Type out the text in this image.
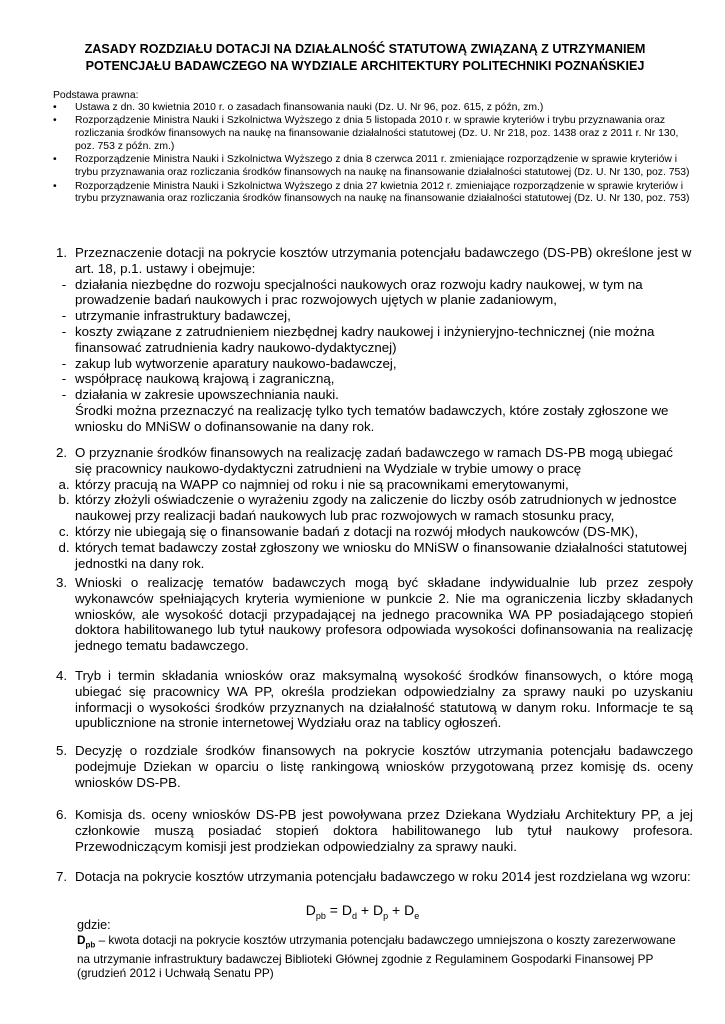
ZASADY ROZDZIAŁU DOTACJI NA DZIAŁALNOŚĆ STATUTOWĄ ZWIĄZANĄ Z UTRZYMANIEM POTENCJAŁU BADAWCZEGO NA WYDZIALE ARCHITEKTURY POLITECHNIKI POZNAŃSKIEJ
Podstawa prawna:
• Ustawa z dn. 30 kwietnia 2010 r. o zasadach finansowania nauki (Dz. U. Nr 96, poz. 615, z późn, zm.)
• Rozporządzenie Ministra Nauki i Szkolnictwa Wyższego z dnia 5 listopada 2010 r. w sprawie kryteriów i trybu przyznawania oraz rozliczania środków finansowych na naukę na finansowanie działalności statutowej (Dz. U. Nr 218, poz. 1438 oraz z 2011 r. Nr 130, poz. 753 z późn. zm.)
• Rozporządzenie Ministra Nauki i Szkolnictwa Wyższego z dnia 8 czerwca 2011 r. zmieniające rozporządzenie w sprawie kryteriów i trybu przyznawania oraz rozliczania środków finansowych na naukę na finansowanie działalności statutowej (Dz. U. Nr 130, poz. 753)
• Rozporządzenie Ministra Nauki i Szkolnictwa Wyższego z dnia 27 kwietnia 2012 r. zmieniające rozporządzenie w sprawie kryteriów i trybu przyznawania oraz rozliczania środków finansowych na naukę na finansowanie działalności statutowej (Dz. U. Nr 130, poz. 753)
1. Przeznaczenie dotacji na pokrycie kosztów utrzymania potencjału badawczego (DS-PB) określone jest w art. 18, p.1. ustawy i obejmuje:
- działania niezbędne do rozwoju specjalności naukowych oraz rozwoju kadry naukowej, w tym na prowadzenie badań naukowych i prac rozwojowych ujętych w planie zadaniowym,
- utrzymanie infrastruktury badawczej,
- koszty związane z zatrudnieniem niezbędnej kadry naukowej i inżynieryjno-technicznej (nie można finansować zatrudnienia kadry naukowo-dydaktycznej)
- zakup lub wytworzenie aparatury naukowo-badawczej,
- współpracę naukową krajową i zagraniczną,
- działania w zakresie upowszechniania nauki.
Środki można przeznaczyć na realizację tylko tych tematów badawczych, które zostały zgłoszone we wniosku do MNiSW o dofinansowanie na dany rok.
2. O przyznanie środków finansowych na realizację zadań badawczego w ramach DS-PB mogą ubiegać się pracownicy naukowo-dydaktyczni zatrudnieni na Wydziale w trybie umowy o pracę
a. którzy pracują na WAPP co najmniej od roku i nie są pracownikami emerytowanymi,
b. którzy złożyli oświadczenie o wyrażeniu zgody na zaliczenie do liczby osób zatrudnionych w jednostce naukowej przy realizacji badań naukowych lub prac rozwojowych w ramach stosunku pracy,
c. którzy nie ubiegają się o finansowanie badań z dotacji na rozwój młodych naukowców (DS-MK),
d. których temat badawczy został zgłoszony we wniosku do MNiSW o finansowanie działalności statutowej jednostki na dany rok.
3. Wnioski o realizację tematów badawczych mogą być składane indywidualnie lub przez zespoły wykonawców spełniających kryteria wymienione w punkcie 2. Nie ma ograniczenia liczby składanych wniosków, ale wysokość dotacji przypadającej na jednego pracownika WA PP posiadającego stopień doktora habilitowanego lub tytuł naukowy profesora odpowiada wysokości dofinansowania na realizację jednego tematu badawczego.
4. Tryb i termin składania wniosków oraz maksymalną wysokość środków finansowych, o które mogą ubiegać się pracownicy WA PP, określa prodziekan odpowiedzialny za sprawy nauki po uzyskaniu informacji o wysokości środków przyznanych na działalność statutową w danym roku. Informacje te są upublicznione na stronie internetowej Wydziału oraz na tablicy ogłoszeń.
5. Decyzję o rozdziale środków finansowych na pokrycie kosztów utrzymania potencjału badawczego podejmuje Dziekan w oparciu o listę rankingową wniosków przygotowaną przez komisję ds. oceny wniosków DS-PB.
6. Komisja ds. oceny wniosków DS-PB jest powoływana przez Dziekana Wydziału Architektury PP, a jej członkowie muszą posiadać stopień doktora habilitowanego lub tytuł naukowy profesora. Przewodniczącym komisji jest prodziekan odpowiedzialny za sprawy nauki.
7. Dotacja na pokrycie kosztów utrzymania potencjału badawczego w roku 2014 jest rozdzielana wg wzoru:
$D_{pb} = D_d + D_p + D_e$
gdzie:
$D_{pb}$ – kwota dotacji na pokrycie kosztów utrzymania potencjału badawczego umniejszona o koszty zarezerwowane na utrzymanie infrastruktury badawczej Biblioteki Głównej zgodnie z Regulaminem Gospodarki Finansowej PP (grudzień 2012 i Uchwałą Senatu PP)
